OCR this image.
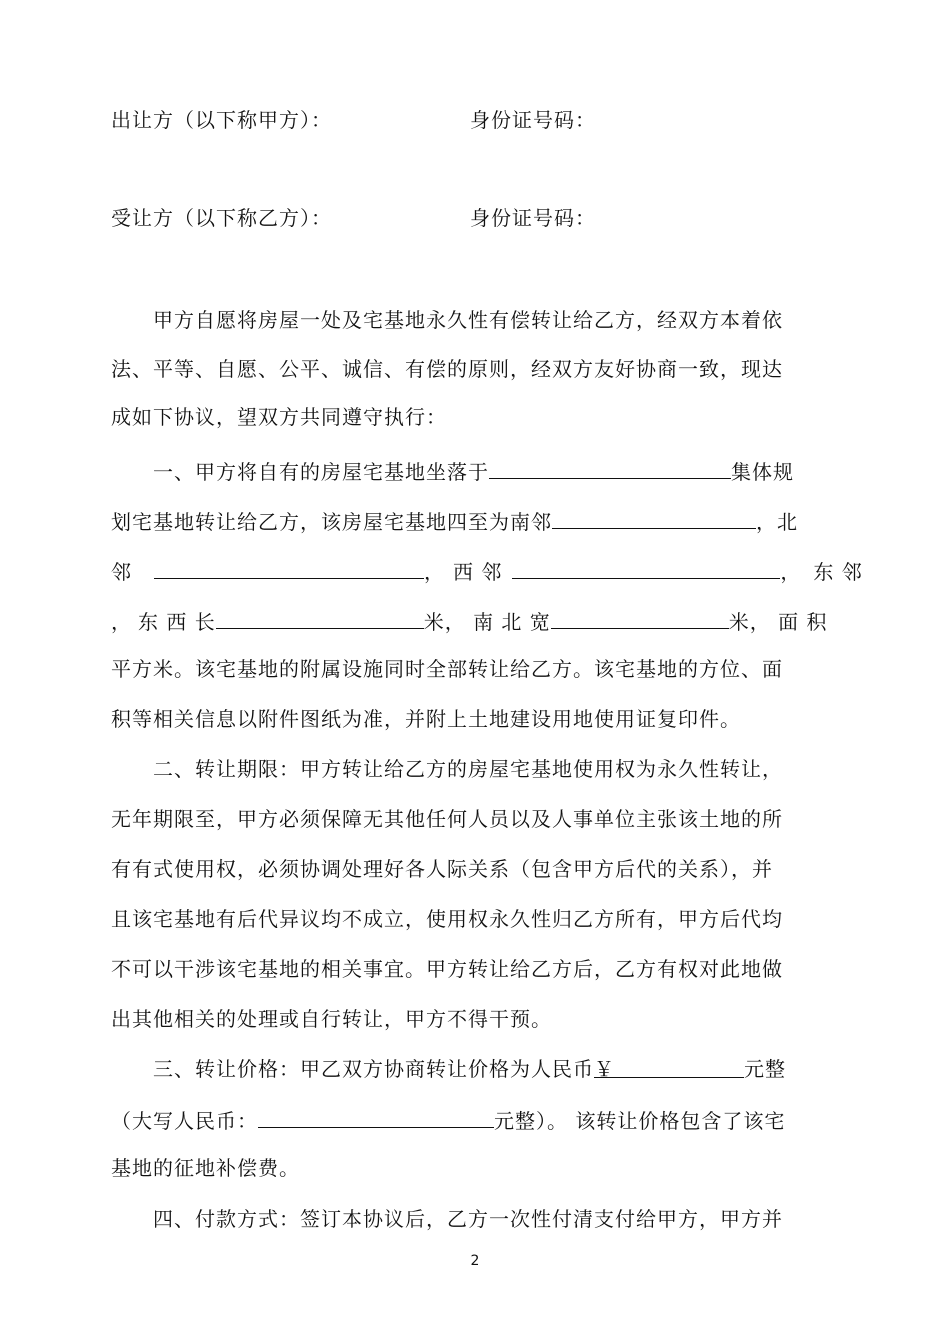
出让方（以下称甲方）：	身份证号码：
受让方（以下称乙方）：	身份证号码：
甲方自愿将房屋一处及宅基地永久性有偿转让给乙方，经双方本着依
法、平等、自愿、公平、诚信、有偿的原则，经双方友好协商一致，现达
成如下协议，望双方共同遵守执行：
一、甲方将自有的房屋宅基地坐落于	集体规
划宅基地转让给乙方，该房屋宅基地四至为南邻	，北
邻	， 西 邻	， 东 邻
， 东 西 长	米， 南 北 宽	米， 面 积
平方米。该宅基地的附属设施同时全部转让给乙方。该宅基地的方位、面
积等相关信息以附件图纸为准，并附上土地建设用地使用证复印件。
二、转让期限：甲方转让给乙方的房屋宅基地使用权为永久性转让，
无年期限至，甲方必须保障无其他任何人员以及人事单位主张该土地的所
有有式使用权，必须协调处理好各人际关系（包含甲方后代的关系），并
且该宅基地有后代异议均不成立，使用权永久性归乙方所有，甲方后代均
不可以干涉该宅基地的相关事宜。甲方转让给乙方后，乙方有权对此地做
出其他相关的处理或自行转让，甲方不得干预。
三、转让价格：甲乙双方协商转让价格为人民币￥	元整
（大写人民币：	元整）。 该转让价格包含了该宅
基地的征地补偿费。
四、付款方式：签订本协议后，乙方一次性付清支付给甲方，甲方并
2
